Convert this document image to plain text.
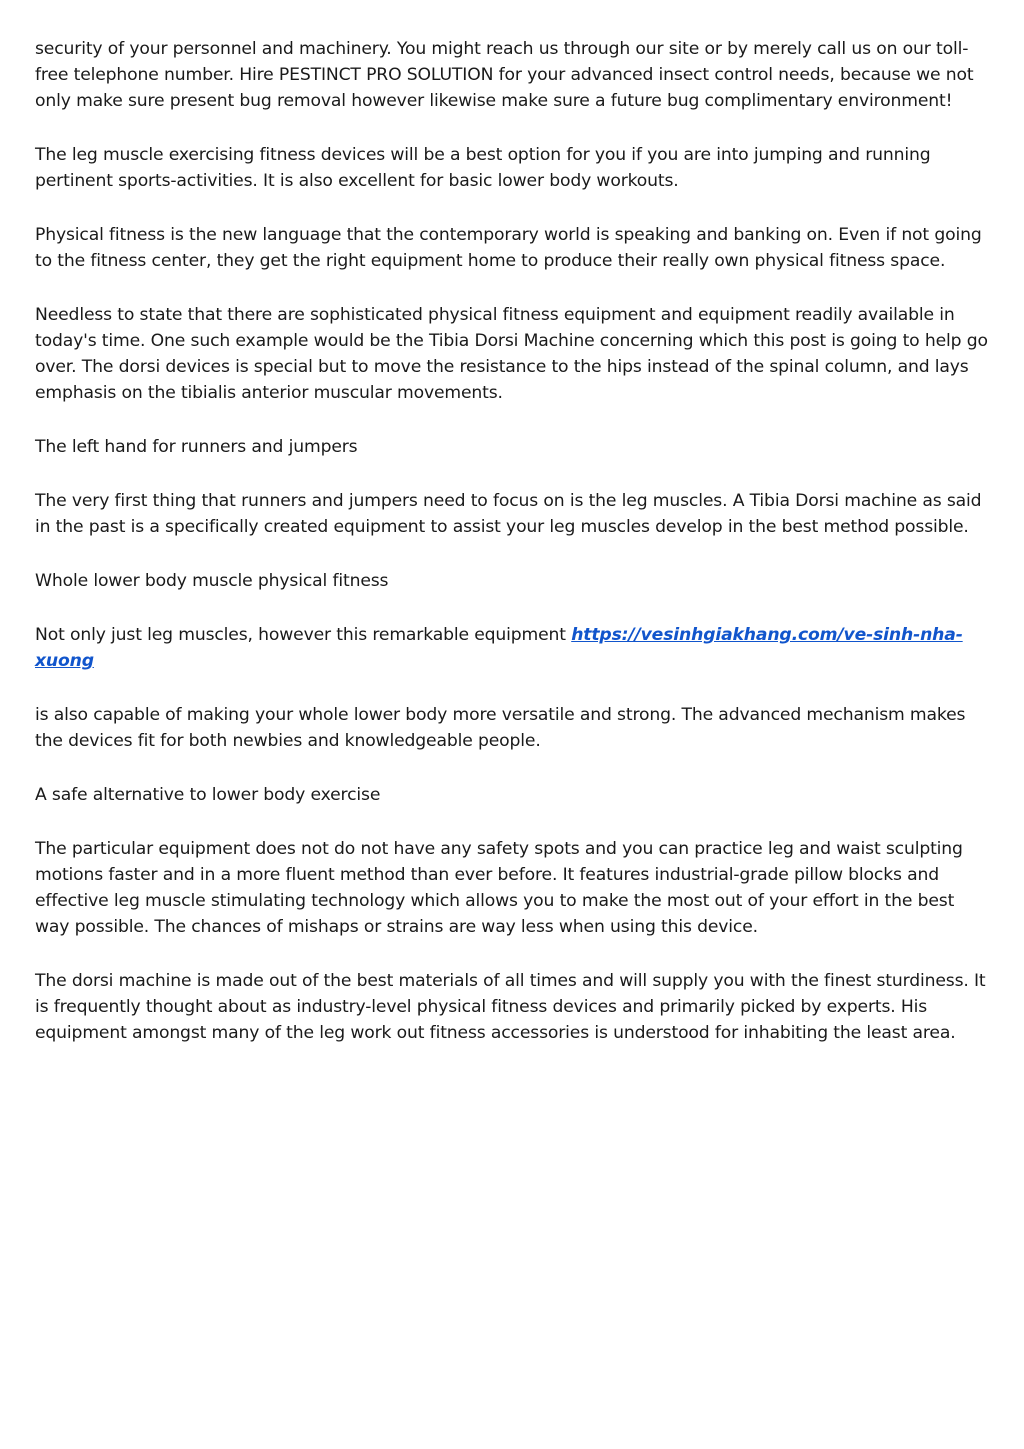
security of your personnel and machinery. You might reach us through our site or by merely call us on our toll-free telephone number. Hire PESTINCT PRO SOLUTION for your advanced insect control needs, because we not only make sure present bug removal however likewise make sure a future bug complimentary environment!

The leg muscle exercising fitness devices will be a best option for you if you are into jumping and running pertinent sports-activities. It is also excellent for basic lower body workouts.

Physical fitness is the new language that the contemporary world is speaking and banking on. Even if not going to the fitness center, they get the right equipment home to produce their really own physical fitness space.

Needless to state that there are sophisticated physical fitness equipment and equipment readily available in today's time. One such example would be the Tibia Dorsi Machine concerning which this post is going to help go over. The dorsi devices is special but to move the resistance to the hips instead of the spinal column, and lays emphasis on the tibialis anterior muscular movements.

The left hand for runners and jumpers

The very first thing that runners and jumpers need to focus on is the leg muscles. A Tibia Dorsi machine as said in the past is a specifically created equipment to assist your leg muscles develop in the best method possible.

Whole lower body muscle physical fitness

Not only just leg muscles, however this remarkable equipment https://vesinhgiakhang.com/ve-sinh-nha-xuong

is also capable of making your whole lower body more versatile and strong. The advanced mechanism makes the devices fit for both newbies and knowledgeable people.

A safe alternative to lower body exercise

The particular equipment does not do not have any safety spots and you can practice leg and waist sculpting motions faster and in a more fluent method than ever before. It features industrial-grade pillow blocks and effective leg muscle stimulating technology which allows you to make the most out of your effort in the best way possible. The chances of mishaps or strains are way less when using this device.

The dorsi machine is made out of the best materials of all times and will supply you with the finest sturdiness. It is frequently thought about as industry-level physical fitness devices and primarily picked by experts. His equipment amongst many of the leg work out fitness accessories is understood for inhabiting the least area.
